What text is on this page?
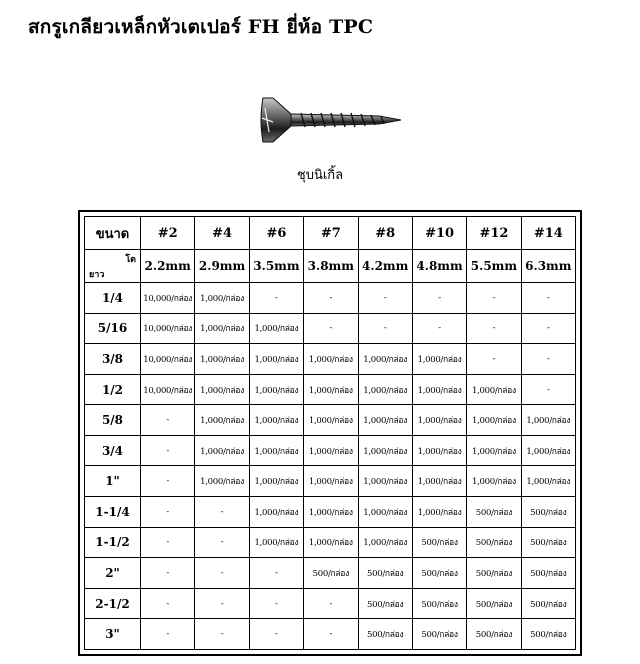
สกรูเกลียวเหล็กหัวเตเปอร์ FH ยี่ห้อ TPC
ชุบนิเกิ้ล
ขนาด	#2	#4	#6	#7	#8	#10	#12	#14

โต
ยาว	2.2mm	2.9mm	3.5mm	3.8mm	4.2mm	4.8mm	5.5mm	6.3mm
1/4	10,000/กล่อง	1,000/กล่อง	-	-	-	-	-	-
5/16	10,000/กล่อง	1,000/กล่อง	1,000/กล่อง	-	-	-	-	-
3/8	10,000/กล่อง	1,000/กล่อง	1,000/กล่อง	1,000/กล่อง	1,000/กล่อง	1,000/กล่อง	-	-
1/2	10,000/กล่อง	1,000/กล่อง	1,000/กล่อง	1,000/กล่อง	1,000/กล่อง	1,000/กล่อง	1,000/กล่อง	-
5/8	-	1,000/กล่อง	1,000/กล่อง	1,000/กล่อง	1,000/กล่อง	1,000/กล่อง	1,000/กล่อง	1,000/กล่อง
3/4	-	1,000/กล่อง	1,000/กล่อง	1,000/กล่อง	1,000/กล่อง	1,000/กล่อง	1,000/กล่อง	1,000/กล่อง
1"	-	1,000/กล่อง	1,000/กล่อง	1,000/กล่อง	1,000/กล่อง	1,000/กล่อง	1,000/กล่อง	1,000/กล่อง
1-1/4	-	-	1,000/กล่อง	1,000/กล่อง	1,000/กล่อง	1,000/กล่อง	500/กล่อง	500/กล่อง
1-1/2	-	-	1,000/กล่อง	1,000/กล่อง	1,000/กล่อง	500/กล่อง	500/กล่อง	500/กล่อง
2"	-	-	-	500/กล่อง	500/กล่อง	500/กล่อง	500/กล่อง	500/กล่อง
2-1/2	-	-	-	-	500/กล่อง	500/กล่อง	500/กล่อง	500/กล่อง
3"	-	-	-	-	500/กล่อง	500/กล่อง	500/กล่อง	500/กล่อง
